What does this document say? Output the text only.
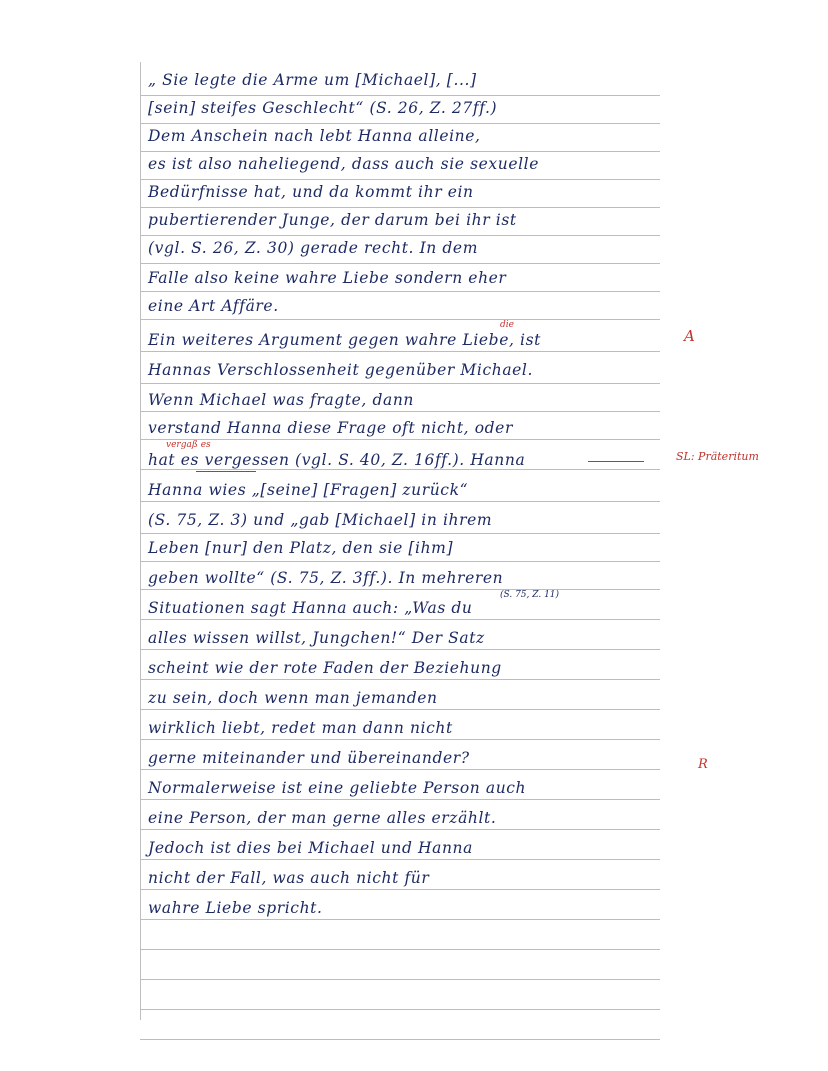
„ Sie legte die Arme um [Michael], [...]
[sein] steifes Geschlecht“ (S. 26, Z. 27ff.)
Dem Anschein nach lebt Hanna alleine,
es ist also naheliegend, dass auch sie sexuelle
Bedürfnisse hat, und da kommt ihr ein
pubertierender Junge, der darum bei ihr ist
(vgl. S. 26, Z. 30) gerade recht. In dem
Falle also keine wahre Liebe sondern eher
eine Art Affäre.
Ein weiteres Argument gegen wahre Liebe, ist
Hannas Verschlossenheit gegenüber Michael.
Wenn Michael was fragte, dann
verstand Hanna diese Frage oft nicht, oder
hat es vergessen (vgl. S. 40, Z. 16ff.). Hanna
Hanna wies „[seine] [Fragen] zurück“
(S. 75, Z. 3) und „gab [Michael] in ihrem
Leben [nur] den Platz, den sie [ihm]
geben wollte“ (S. 75, Z. 3ff.). In mehreren
Situationen sagt Hanna auch: „Was du
alles wissen willst, Jungchen!“ Der Satz
scheint wie der rote Faden der Beziehung
zu sein, doch wenn man jemanden
wirklich liebt, redet man dann nicht
gerne miteinander und übereinander?
Normalerweise ist eine geliebte Person auch
eine Person, der man gerne alles erzählt.
Jedoch ist dies bei Michael und Hanna
nicht der Fall, was auch nicht für
wahre Liebe spricht.
die
vergaß es
(S. 75, Z. 11)
A
SL: Präteritum
R
